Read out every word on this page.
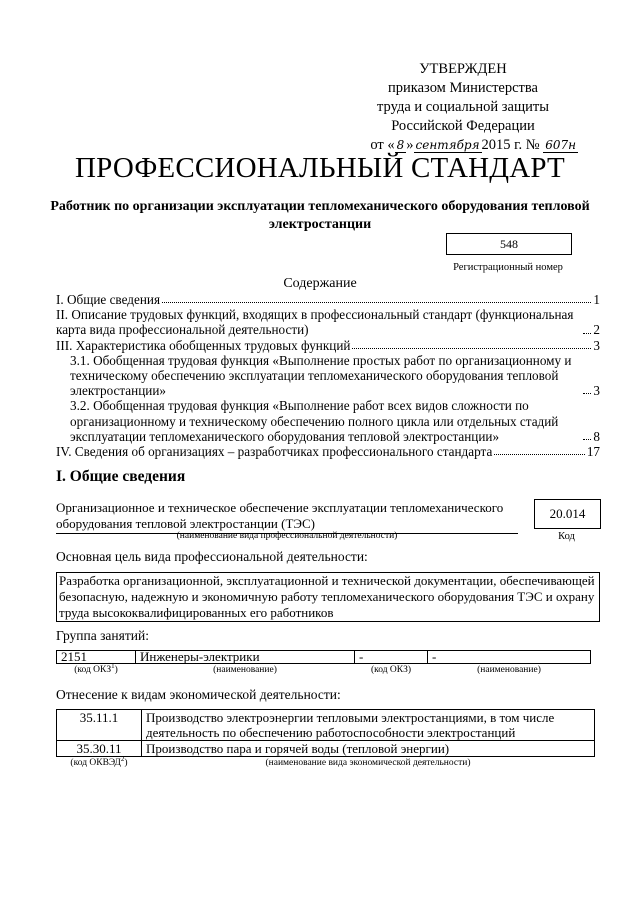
УТВЕРЖДЕН
приказом Министерства
труда и социальной защиты
Российской Федерации
от « 8 » сентября 2015 г. № 607н
ПРОФЕССИОНАЛЬНЫЙ СТАНДАРТ
Работник по организации эксплуатации тепломеханического оборудования тепловой электростанции
548
Регистрационный номер
Содержание
I. Общие сведения	1
II. Описание трудовых функций, входящих в профессиональный стандарт (функциональная карта вида профессиональной деятельности)	2
III. Характеристика обобщенных трудовых функций	3
3.1. Обобщенная трудовая функция «Выполнение простых работ по организационному и техническому обеспечению эксплуатации тепломеханического оборудования тепловой электростанции»	3
3.2. Обобщенная трудовая функция «Выполнение работ всех видов сложности по организационному и техническому обеспечению полного цикла или отдельных стадий эксплуатации тепломеханического оборудования тепловой электростанции»	8
IV. Сведения об организациях – разработчиках профессионального стандарта	17
I. Общие сведения
Организационное и техническое обеспечение эксплуатации тепломеханического оборудования тепловой электростанции (ТЭС)
(наименование вида профессиональной деятельности)
20.014
Код
Основная цель вида профессиональной деятельности:
Разработка организационной, эксплуатационной и технической документации, обеспечивающей безопасную, надежную и экономичную работу тепломеханического оборудования ТЭС и охрану труда высококвалифицированных его работников
Группа занятий:
2151	Инженеры-электрики	-	-
(код ОКЗ$^1$)	(наименование)	(код ОКЗ)	(наименование)
Отнесение к видам экономической деятельности:
35.11.1	Производство электроэнергии тепловыми электростанциями, в том числе деятельность по обеспечению работоспособности электростанций
35.30.11	Производство пара и горячей воды (тепловой энергии)
(код ОКВЭД$^2$)	(наименование вида экономической деятельности)
